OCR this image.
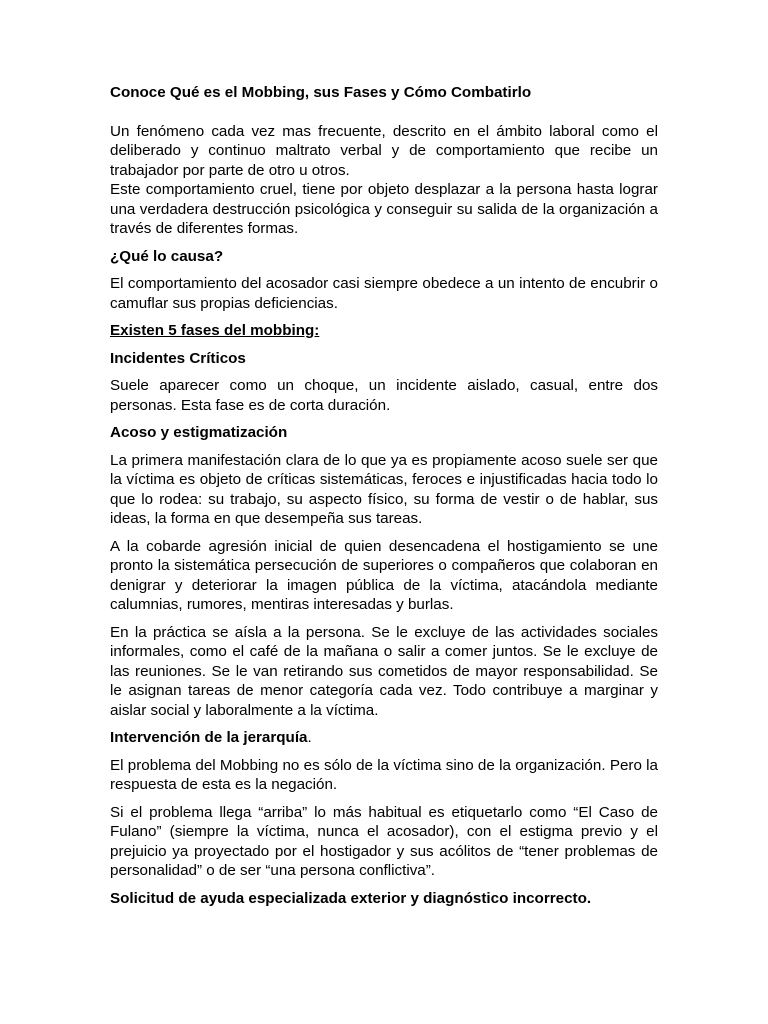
Conoce Qué es el Mobbing, sus Fases y Cómo Combatirlo

Un fenómeno cada vez mas frecuente, descrito en el ámbito laboral como el deliberado y continuo maltrato verbal y de comportamiento que recibe un trabajador por parte de otro u otros.

Este comportamiento cruel, tiene por objeto desplazar a la persona hasta lograr una verdadera destrucción psicológica y conseguir su salida de la organización a través de diferentes formas.

¿Qué lo causa?

El comportamiento del acosador casi siempre obedece a un intento de encubrir o camuflar sus propias deficiencias.

Existen 5 fases del mobbing:

Incidentes Críticos

Suele aparecer como un choque, un incidente aislado, casual, entre dos personas. Esta fase es de corta duración.

Acoso y estigmatización

La primera manifestación clara de lo que ya es propiamente acoso suele ser que la víctima es objeto de críticas sistemáticas, feroces e injustificadas hacia todo lo que lo rodea: su trabajo, su aspecto físico, su forma de vestir o de hablar, sus ideas, la forma en que desempeña sus tareas.

A la cobarde agresión inicial de quien desencadena el hostigamiento se une pronto la sistemática persecución de superiores o compañeros que colaboran en denigrar y deteriorar la imagen pública de la víctima, atacándola mediante calumnias, rumores, mentiras interesadas y burlas.

En la práctica se aísla a la persona. Se le excluye de las actividades sociales informales, como el café de la mañana o salir a comer juntos. Se le excluye de las reuniones. Se le van retirando sus cometidos de mayor responsabilidad. Se le asignan tareas de menor categoría cada vez. Todo contribuye a marginar y aislar social y laboralmente a la víctima.

Intervención de la jerarquía.

El problema del Mobbing no es sólo de la víctima sino de la organización. Pero la respuesta de esta es la negación.

Si el problema llega “arriba” lo más habitual es etiquetarlo como “El Caso de Fulano” (siempre la víctima, nunca el acosador), con el estigma previo y el prejuicio ya proyectado por el hostigador y sus acólitos de “tener problemas de personalidad” o de ser “una persona conflictiva”.

Solicitud de ayuda especializada exterior y diagnóstico incorrecto.
